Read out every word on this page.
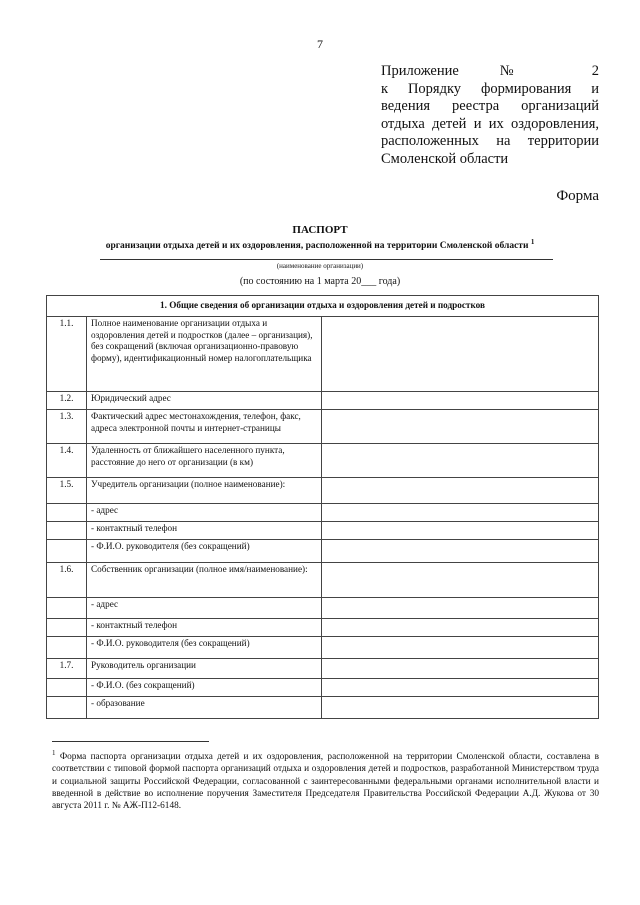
7
Приложение № 2
к Порядку формирования и
ведения реестра организаций
отдыха детей и их оздоровления,
расположенных на территории
Смоленской области
Форма
ПАСПОРТ
организации отдыха детей и их оздоровления, расположенной на территории Смоленской области $^1$
(наименование организации)
(по состоянию на 1 марта 20___ года)
1. Общие сведения об организации отдыха и оздоровления детей и подростков		
1.1.	Полное наименование организации отдыха и оздоровления детей и подростков (далее – организация), без сокращений (включая организационно-правовую форму), идентификационный номер налогоплательщика	
1.2.	Юридический адрес	
1.3.	Фактический адрес местонахождения, телефон, факс, адреса электронной почты и интернет-страницы	
1.4.	Удаленность от ближайшего населенного пункта, расстояние до него от организации (в км)	
1.5.	Учредитель организации (полное наименование):	
	- адрес	
	- контактный телефон	
	- Ф.И.О. руководителя (без сокращений)	
1.6.	Собственник организации (полное имя/наименование):	
	- адрес	
	- контактный телефон	
	- Ф.И.О. руководителя (без сокращений)	
1.7.	Руководитель организации	
	- Ф.И.О. (без сокращений)	
	- образование	
$^1$ Форма паспорта организации отдыха детей и их оздоровления, расположенной на территории Смоленской области, составлена в соответствии с типовой формой паспорта организаций отдыха и оздоровления детей и подростков, разработанной Министерством труда и социальной защиты Российской Федерации, согласованной с заинтересованными федеральными органами исполнительной власти и введенной в действие во исполнение поручения Заместителя Председателя Правительства Российской Федерации А.Д. Жукова от 30 августа 2011 г. № АЖ-П12-6148.
